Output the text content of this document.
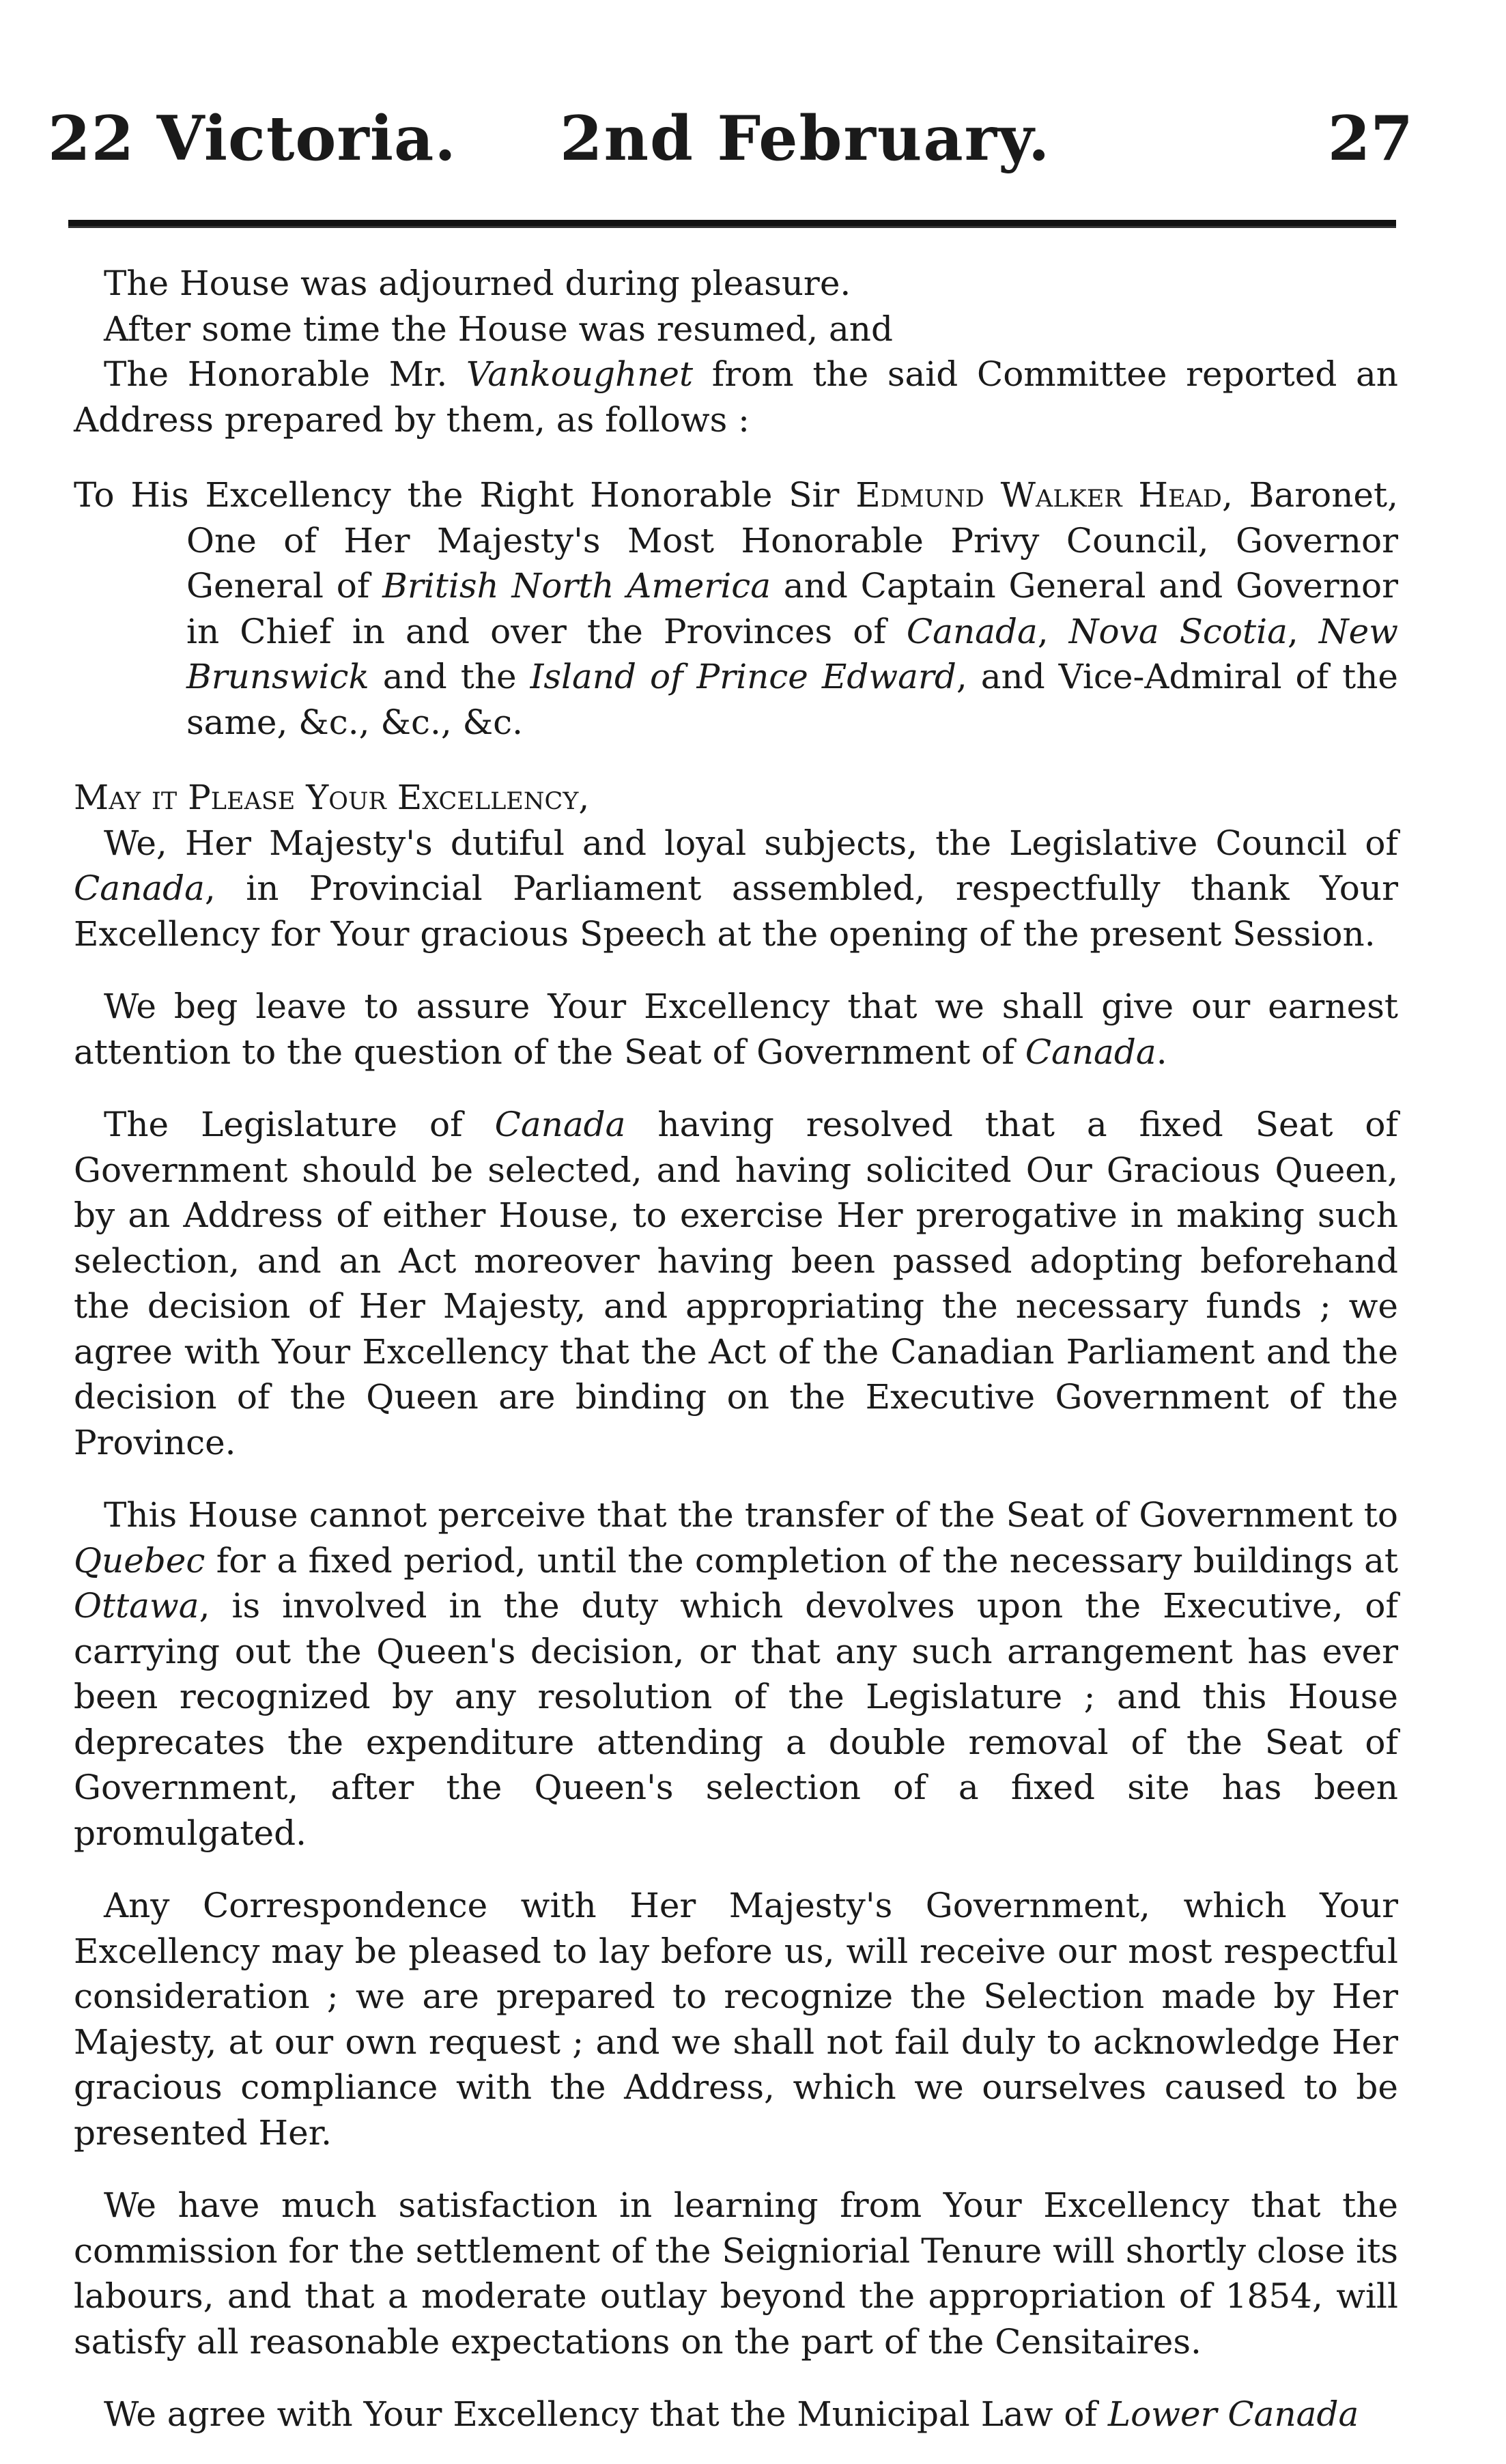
22 Victoria. 2nd February.	27

The House was adjourned during pleasure.

After some time the House was resumed, and

The Honorable Mr. Vankoughnet from the said Committee reported an Address prepared by them, as follows :

To His Excellency the Right Honorable Sir Edmund Walker Head, Baronet, One of Her Majesty's Most Honorable Privy Council, Governor General of British North America and Captain General and Governor in Chief in and over the Provinces of Canada, Nova Scotia, New Brunswick and the Island of Prince Edward, and Vice-Admiral of the same, &c., &c., &c.

May it Please Your Excellency,

We, Her Majesty's dutiful and loyal subjects, the Legislative Council of Canada, in Provincial Parliament assembled, respectfully thank Your Excellency for Your gracious Speech at the opening of the present Session.

We beg leave to assure Your Excellency that we shall give our earnest attention to the question of the Seat of Government of Canada.

The Legislature of Canada having resolved that a fixed Seat of Government should be selected, and having solicited Our Gracious Queen, by an Address of either House, to exercise Her prerogative in making such selection, and an Act moreover having been passed adopting beforehand the decision of Her Majesty, and appropriating the necessary funds ; we agree with Your Excellency that the Act of the Canadian Parliament and the decision of the Queen are binding on the Executive Government of the Province.

This House cannot perceive that the transfer of the Seat of Government to Quebec for a fixed period, until the completion of the necessary buildings at Ottawa, is involved in the duty which devolves upon the Executive, of carrying out the Queen's decision, or that any such arrangement has ever been recognized by any resolution of the Legislature ; and this House deprecates the expenditure attending a double removal of the Seat of Government, after the Queen's selection of a fixed site has been promulgated.

Any Correspondence with Her Majesty's Government, which Your Excellency may be pleased to lay before us, will receive our most respectful consideration ; we are prepared to recognize the Selection made by Her Majesty, at our own request ; and we shall not fail duly to acknowledge Her gracious compliance with the Address, which we ourselves caused to be presented Her.

We have much satisfaction in learning from Your Excellency that the commission for the settlement of the Seigniorial Tenure will shortly close its labours, and that a moderate outlay beyond the appropriation of 1854, will satisfy all reasonable expectations on the part of the Censitaires.

We agree with Your Excellency that the Municipal Law of Lower Canada
